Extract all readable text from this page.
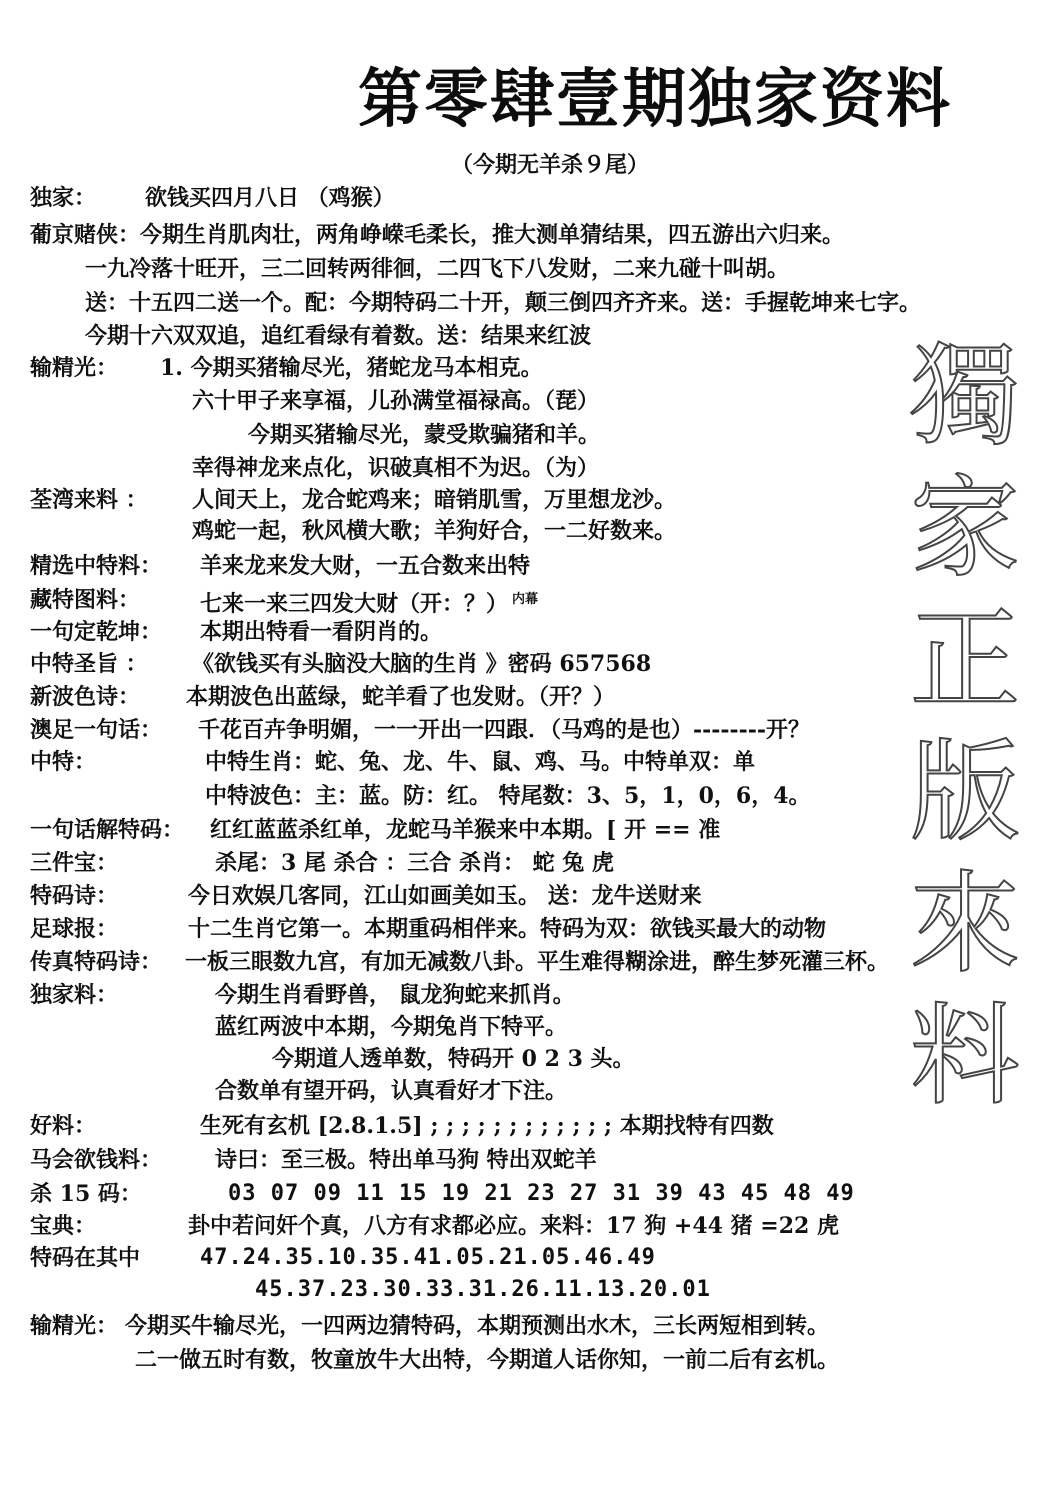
第零肆壹期独家资料
（今期无羊杀９尾）
獨
家
正
版
來
料
独家： 欲钱买四月八日 （鸡猴）
葡京赌侠： 今期生肖肌肉壮，两角峥嵘毛柔长，推大测单猜结果，四五游出六归来。
一九冷落十旺开，三二回转两徘徊，二四飞下八发财，二来九碰十叫胡。
送：十五四二送一个。配：今期特码二十开，颠三倒四齐齐来。送：手握乾坤来七字。
今期十六双双追，追红看绿有着数。送：结果来红波
输精光： 1. 今期买猪输尽光，猪蛇龙马本相克。
六十甲子来享福，儿孙满堂福禄高。（琵）
今期买猪输尽光，蒙受欺骗猪和羊。
幸得神龙来点化，识破真相不为迟。（为）
荃湾来料 ： 人间天上，龙合蛇鸡来；暗销肌雪，万里想龙沙。
鸡蛇一起，秋风横大歌；羊狗好合，一二好数来。
精选中特料： 羊来龙来发大财，一五合数来出特
藏特图料：	七来一来三四发大财（开：？） 内幕
一句定乾坤： 本期出特看一看阴肖的。
中特圣旨 ： 《欲钱买有头脑没大脑的生肖 》密码 657568
新波色诗： 本期波色出蓝绿，蛇羊看了也发财。（开？）
澳足一句话： 千花百卉争明媚，一一开出一四跟．（马鸡的是也）--------开？
中特：	中特生肖：蛇、兔、龙、牛、鼠、鸡、马。中特单双：单
中特波色：主：蓝。防：红。 特尾数：3、5，1，0，6，4。
一句话解特码： 红红蓝蓝杀红单，龙蛇马羊猴来中本期。[ 开 == 准
三件宝：	杀尾：3 尾 杀合 ：三合 杀肖： 蛇 兔 虎
特码诗：	今日欢娱几客同，江山如画美如玉。 送：龙牛送财来
足球报：	十二生肖它第一。本期重码相伴来。特码为双：欲钱买最大的动物
传真特码诗： 一板三眼数九宫，有加无减数八卦。平生难得糊涂进，醉生梦死灌三杯。
独家料：	今期生肖看野兽， 鼠龙狗蛇来抓肖。
蓝红两波中本期，今期兔肖下特平。
今期道人透单数，特码开 0 2 3 头。
合数单有望开码，认真看好才下注。
好料：	生死有玄机 [2.8.1.5] ; ; ; ; ; ; ; ; ; ; ; ; 本期找特有四数
马会欲钱料： 诗曰：至三极。特出单马狗 特出双蛇羊
杀 15 码：	03 07 09 11 15 19 21 23 27 31 39 43 45 48 49
宝典：	卦中若问奸个真，八方有求都必应。来料：17 狗 +44 猪 =22 虎
特码在其中	47.24.35.10.35.41.05.21.05.46.49
45.37.23.30.33.31.26.11.13.20.01
输精光： 今期买牛输尽光，一四两边猜特码，本期预测出水木，三长两短相到转。
二一做五时有数，牧童放牛大出特，今期道人话你知，一前二后有玄机。
